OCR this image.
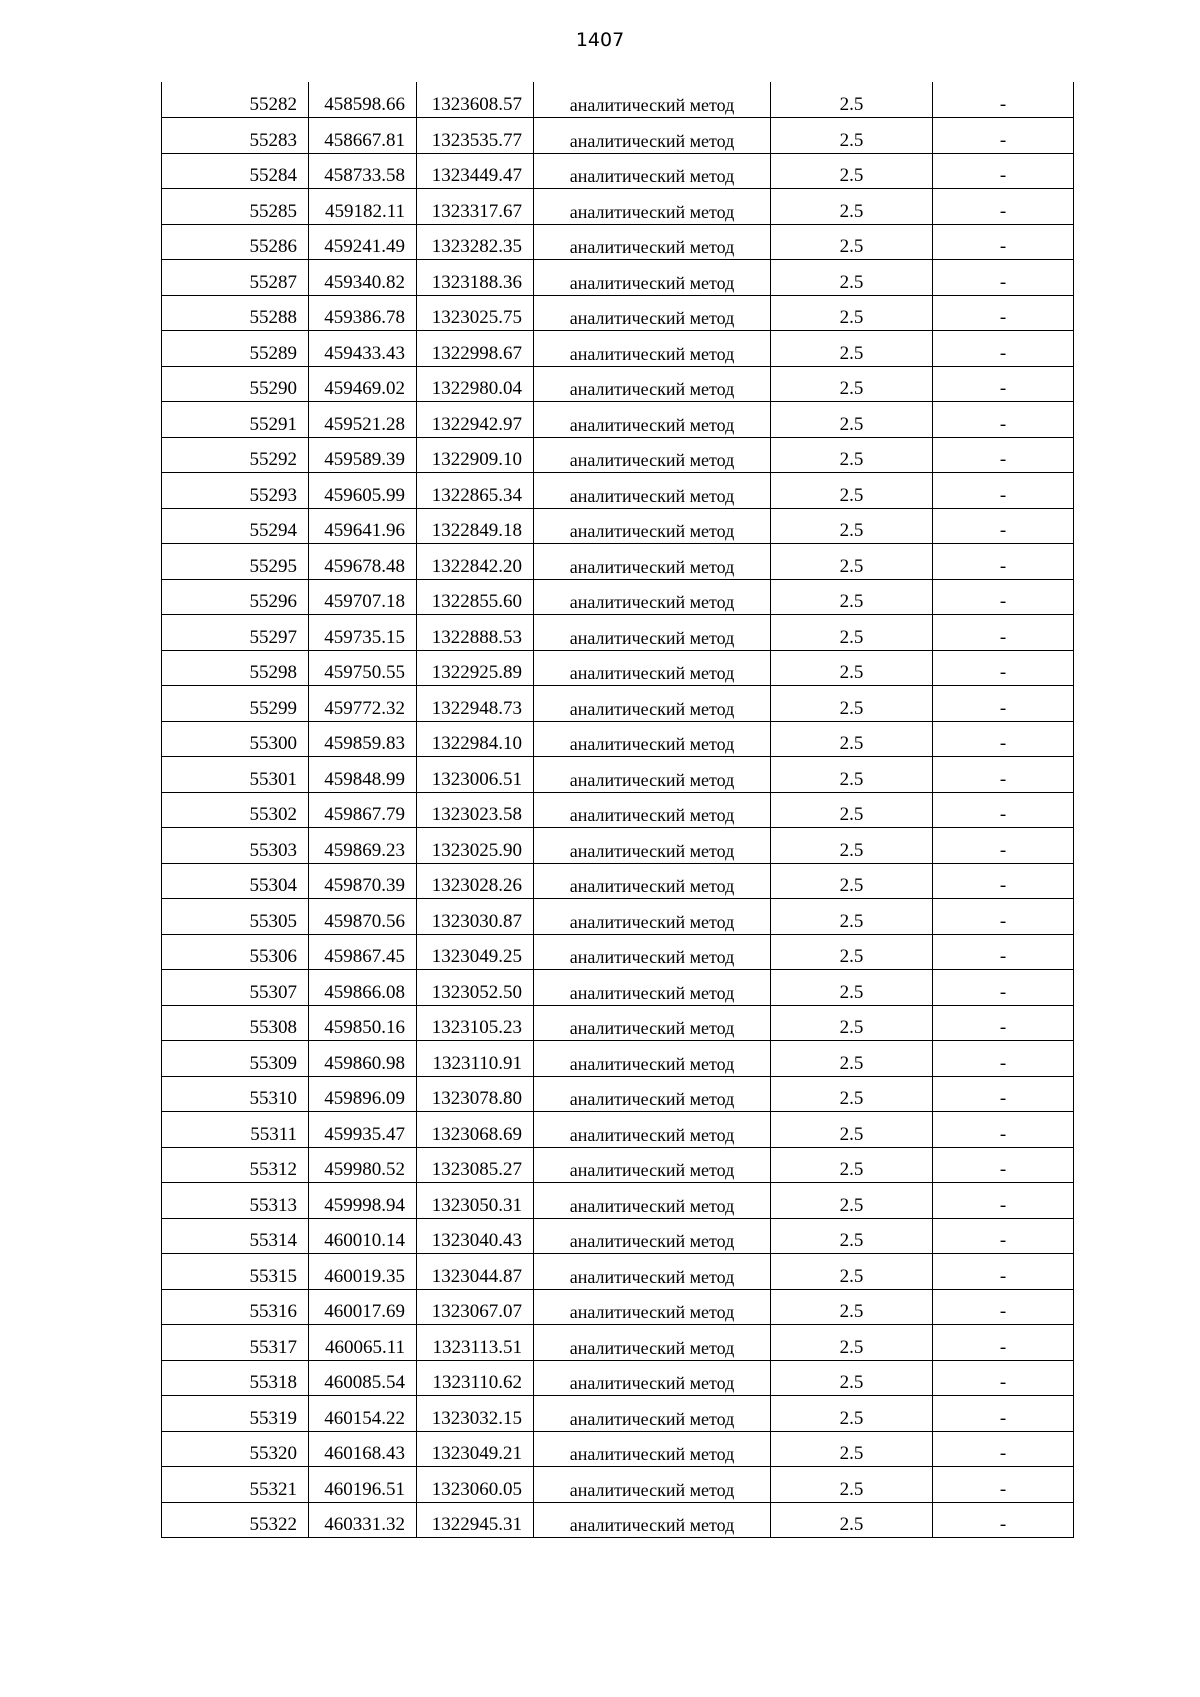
1407
55282	458598.66	1323608.57	аналитический метод	2.5	-
55283	458667.81	1323535.77	аналитический метод	2.5	-
55284	458733.58	1323449.47	аналитический метод	2.5	-
55285	459182.11	1323317.67	аналитический метод	2.5	-
55286	459241.49	1323282.35	аналитический метод	2.5	-
55287	459340.82	1323188.36	аналитический метод	2.5	-
55288	459386.78	1323025.75	аналитический метод	2.5	-
55289	459433.43	1322998.67	аналитический метод	2.5	-
55290	459469.02	1322980.04	аналитический метод	2.5	-
55291	459521.28	1322942.97	аналитический метод	2.5	-
55292	459589.39	1322909.10	аналитический метод	2.5	-
55293	459605.99	1322865.34	аналитический метод	2.5	-
55294	459641.96	1322849.18	аналитический метод	2.5	-
55295	459678.48	1322842.20	аналитический метод	2.5	-
55296	459707.18	1322855.60	аналитический метод	2.5	-
55297	459735.15	1322888.53	аналитический метод	2.5	-
55298	459750.55	1322925.89	аналитический метод	2.5	-
55299	459772.32	1322948.73	аналитический метод	2.5	-
55300	459859.83	1322984.10	аналитический метод	2.5	-
55301	459848.99	1323006.51	аналитический метод	2.5	-
55302	459867.79	1323023.58	аналитический метод	2.5	-
55303	459869.23	1323025.90	аналитический метод	2.5	-
55304	459870.39	1323028.26	аналитический метод	2.5	-
55305	459870.56	1323030.87	аналитический метод	2.5	-
55306	459867.45	1323049.25	аналитический метод	2.5	-
55307	459866.08	1323052.50	аналитический метод	2.5	-
55308	459850.16	1323105.23	аналитический метод	2.5	-
55309	459860.98	1323110.91	аналитический метод	2.5	-
55310	459896.09	1323078.80	аналитический метод	2.5	-
55311	459935.47	1323068.69	аналитический метод	2.5	-
55312	459980.52	1323085.27	аналитический метод	2.5	-
55313	459998.94	1323050.31	аналитический метод	2.5	-
55314	460010.14	1323040.43	аналитический метод	2.5	-
55315	460019.35	1323044.87	аналитический метод	2.5	-
55316	460017.69	1323067.07	аналитический метод	2.5	-
55317	460065.11	1323113.51	аналитический метод	2.5	-
55318	460085.54	1323110.62	аналитический метод	2.5	-
55319	460154.22	1323032.15	аналитический метод	2.5	-
55320	460168.43	1323049.21	аналитический метод	2.5	-
55321	460196.51	1323060.05	аналитический метод	2.5	-
55322	460331.32	1322945.31	аналитический метод	2.5	-
